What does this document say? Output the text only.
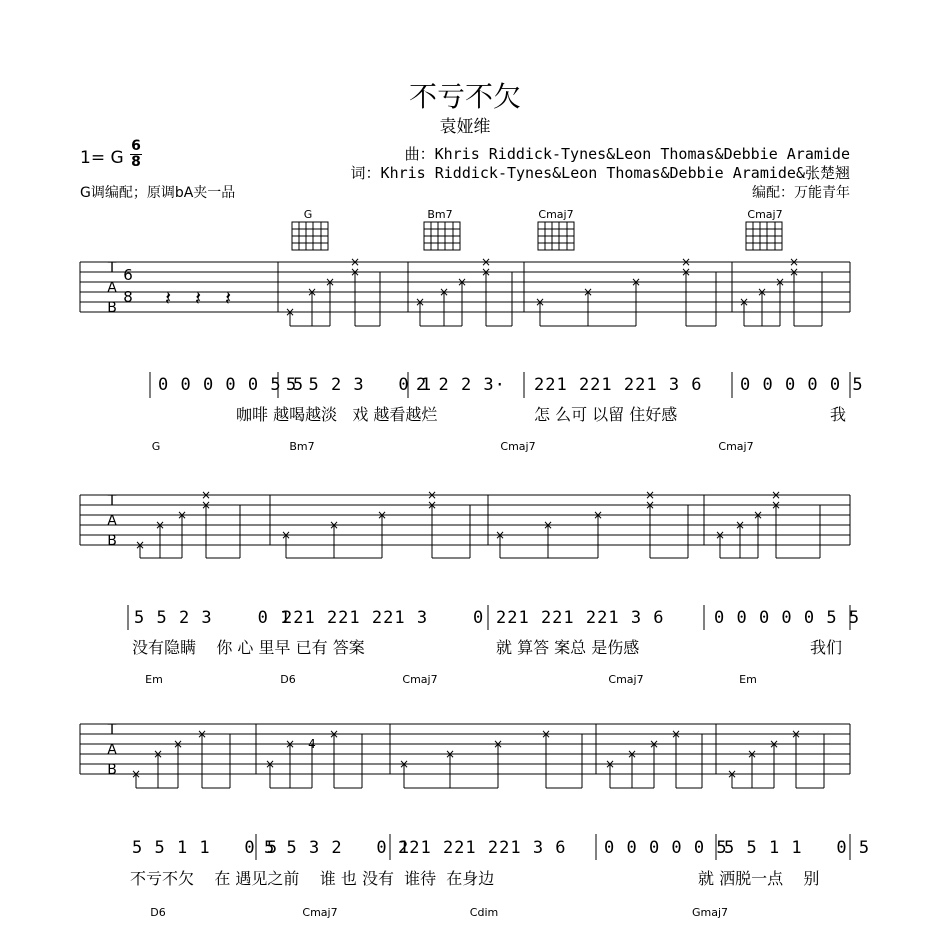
不亏不欠
袁娅维
曲：Khris Riddick-Tynes&Leon Thomas&Debbie Aramide
词：Khris Riddick-Tynes&Leon Thomas&Debbie Aramide&张楚翘
1= G
6
8
G调编配；原调bA夹一品	编配：万能青年
G	Bm7	Cmaj7	Cmaj7
×
×
×
×
×
×
×
×
×
×
×
×
×
×
×
×
×
×
×
×
×
×
×
×
×
×
×
×
×
×
×
×
×
×
×
×
×
×
×
×
×
×
×
×
×
× 4
×
×
×
×
×
×
×
×
×
×
×
×
×
𝄽 𝄽 𝄽
T
A
B
T
A
B
T
A
B
6
8
0 0 0 0 0 5 5
5 5 2 3   0 1
2 2 2 3· 221 221 221 3 6 0 0 0 0 0 5
咖啡 越喝越淡   戏 越看越烂	怎 么可 以留 住好感	我
G	Bm7	Cmaj7	Cmaj7
5 5 2 3    0 1
221 221 221 3    0 221 221 221 3 6	0 0 0 0 0 5 5
没有隐瞒    你 心 里早 已有 答案	就 算答 案总 是伤感	我们
Em	D6	Cmaj7	Cmaj7	Em
5 5 1 1   0 5
5 5 3 2   0 1
221 221 221 3 6 0 0 0 0 0 5
5 5 1 1   0 5
不亏不欠    在 遇见之前    谁 也 没有  谁待  在身边	就 洒脱一点    别
D6	Cmaj7	Cdim	Gmaj7
